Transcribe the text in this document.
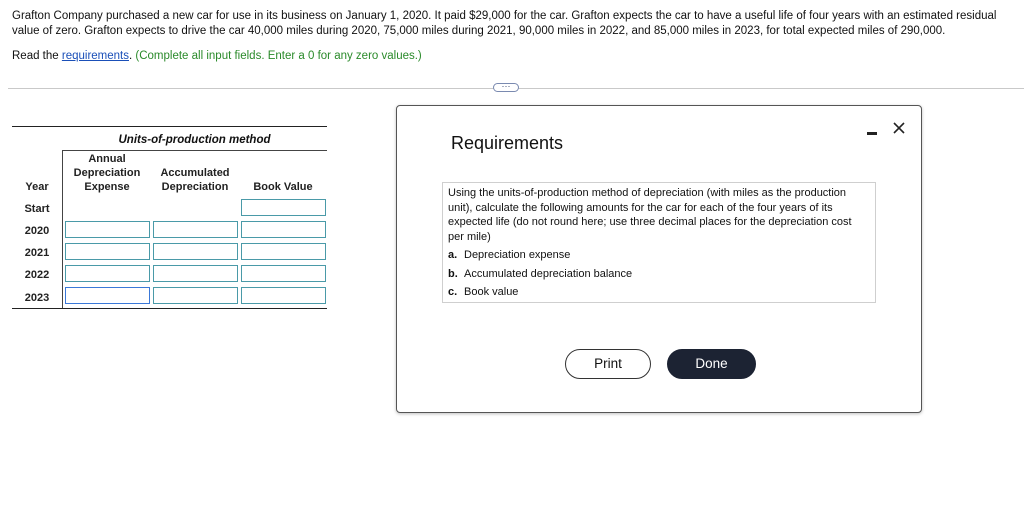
Grafton Company purchased a new car for use in its business on January 1, 2020. It paid $29,000 for the car. Grafton expects the car to have a useful life of four years with an estimated residual value of zero. Grafton expects to drive the car 40,000 miles during 2020, 75,000 miles during 2021, 90,000 miles in 2022, and 85,000 miles in 2023, for total expected miles of 290,000.
Read the requirements. (Complete all input fields. Enter a 0 for any zero values.)
···
Units-of-production method
Year
Annual
Depreciation
Expense
Accumulated
Depreciation	Book Value
Start
2020
2021
2022
2023
Requirements
Using the units-of-production method of depreciation (with miles as the production unit), calculate the following amounts for the car for each of the four years of its expected life (do not round here; use three decimal places for the depreciation cost per mile)
a. Depreciation expense
b. Accumulated depreciation balance
c. Book value
Print	Done
